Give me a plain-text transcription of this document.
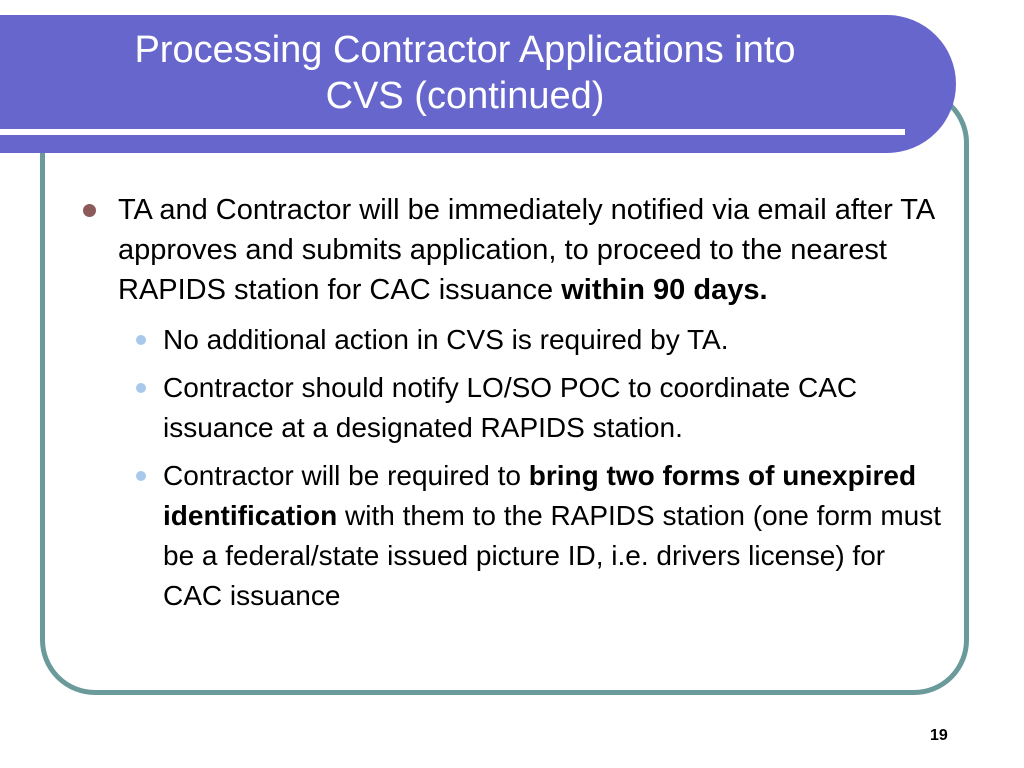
Processing Contractor Applications into
CVS (continued)
TA and Contractor will be immediately notified via email after TA approves and submits application, to proceed to the nearest RAPIDS station for CAC issuance within 90 days.
No additional action in CVS is required by TA.
Contractor should notify LO/SO POC to coordinate CAC issuance at a designated RAPIDS station.
Contractor will be required to bring two forms of unexpired identification with them to the RAPIDS station (one form must be a federal/state issued picture ID, i.e. drivers license) for CAC issuance
19
